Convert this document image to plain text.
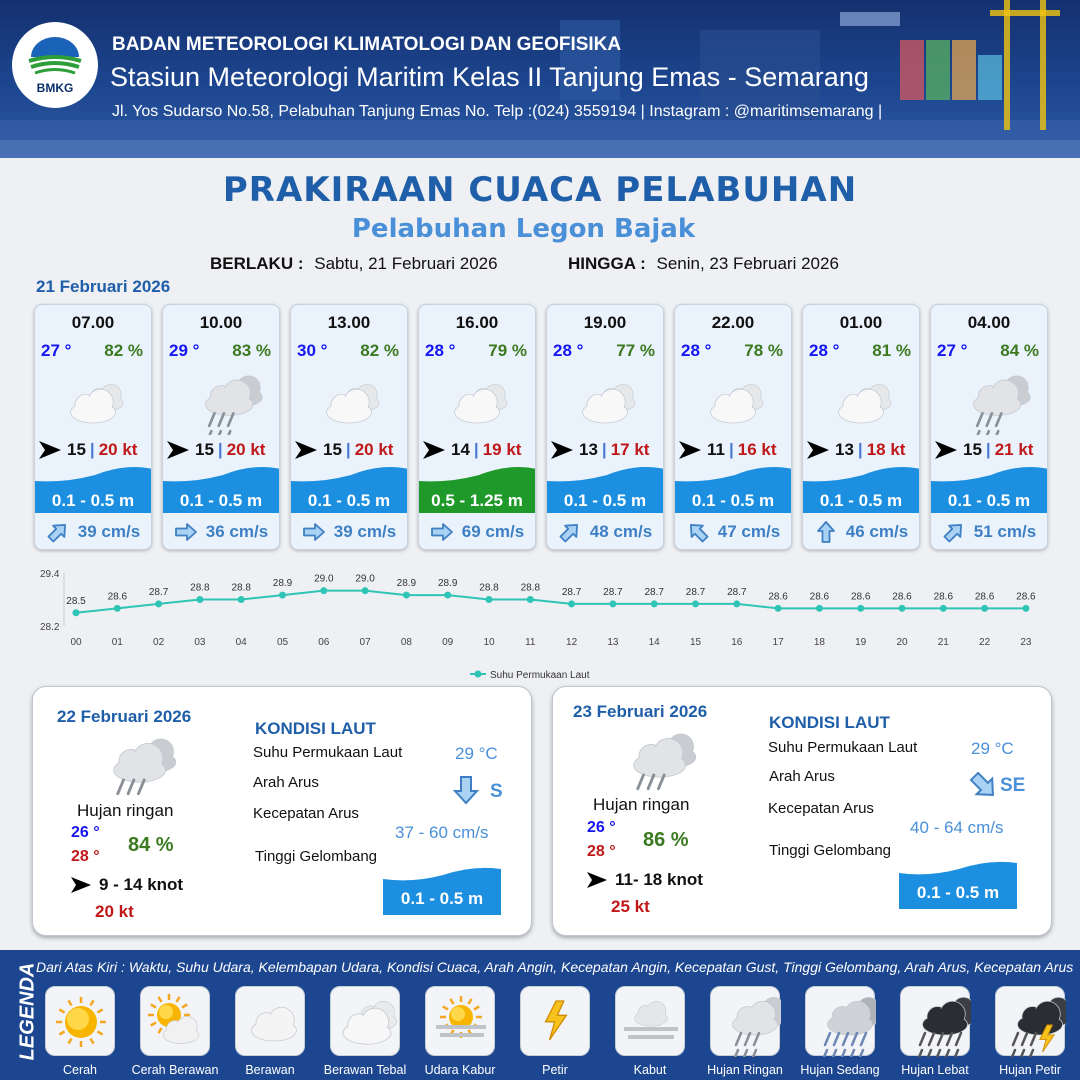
BMKG
BADAN METEOROLOGI KLIMATOLOGI DAN GEOFISIKA
Stasiun Meteorologi Maritim Kelas II Tanjung Emas - Semarang
Jl. Yos Sudarso No.58, Pelabuhan Tanjung Emas No. Telp :(024) 3559194 | Instagram : @maritimsemarang |
PRAKIRAAN CUACA PELABUHAN
Pelabuhan Legon Bajak
BERLAKU : Sabtu, 21 Februari 2026	HINGGA : Senin, 23 Februari 2026
21 Februari 2026
07.00
27 ° 82 %
15 | 20 kt
0.1 - 0.5 m
39 cm/s
10.00
29 ° 83 %
15 | 20 kt
0.1 - 0.5 m
36 cm/s
13.00
30 ° 82 %
15 | 20 kt
0.1 - 0.5 m
39 cm/s
16.00
28 ° 79 %
14 | 19 kt
0.5 - 1.25 m
69 cm/s
19.00
28 ° 77 %
13 | 17 kt
0.1 - 0.5 m
48 cm/s
22.00
28 ° 78 %
11 | 16 kt
0.1 - 0.5 m
47 cm/s
01.00
28 ° 81 %
13 | 18 kt
0.1 - 0.5 m
46 cm/s
04.00
27 ° 84 %
15 | 21 kt
0.1 - 0.5 m
51 cm/s
29.4
28.2
28.5
00
28.6
01
28.7
02
28.8
03
28.8
04
28.9
05
29.0
06
29.0
07
28.9
08
28.9
09
28.8
10
28.8
11
28.7
12
28.7
13
28.7
14
28.7
15
28.7
16
28.6
17
28.6
18
28.6
19
28.6
20
28.6
21
28.6
22
28.6
23
Suhu Permukaan Laut
22 Februari 2026
Hujan ringan
26 °
28 °
84 %
9 - 14 knot
20 kt
KONDISI LAUT
Suhu Permukaan Laut	29 °C
Arah Arus	S
Kecepatan Arus
37 - 60 cm/s
Tinggi Gelombang
0.1 - 0.5 m
23 Februari 2026
Hujan ringan
26 °
28 °
86 %
11- 18 knot
25 kt
KONDISI LAUT
Suhu Permukaan Laut	29 °C
Arah Arus	SE
Kecepatan Arus
40 - 64 cm/s
Tinggi Gelombang
0.1 - 0.5 m
LEGENDA
Dari Atas Kiri : Waktu, Suhu Udara, Kelembapan Udara, Kondisi Cuaca, Arah Angin, Kecepatan Angin, Kecepatan Gust, Tinggi Gelombang, Arah Arus, Kecepatan Arus
Cerah	Cerah Berawan	Berawan	Berawan Tebal	Udara Kabur	Petir	Kabut	Hujan Ringan	Hujan Sedang	Hujan Lebat	Hujan Petir
